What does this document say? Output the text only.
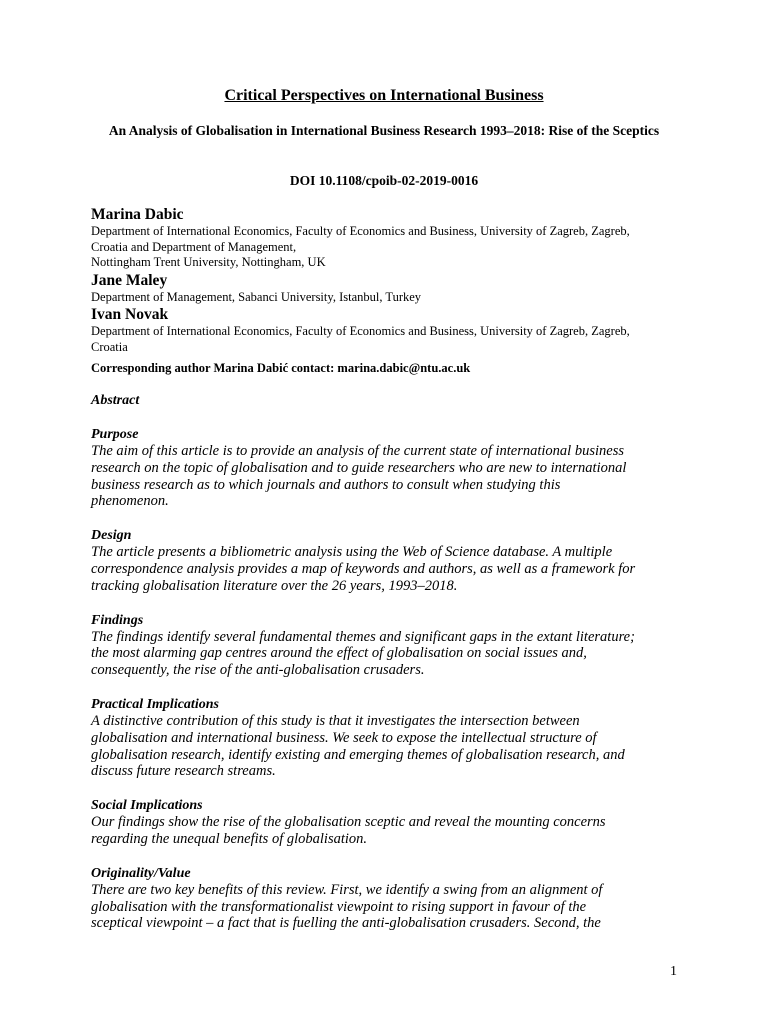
Critical Perspectives on International Business
An Analysis of Globalisation in International Business Research 1993–2018: Rise of the Sceptics
DOI 10.1108/cpoib-02-2019-0016
Marina Dabic
Department of International Economics, Faculty of Economics and Business, University of Zagreb, Zagreb,
Croatia and Department of Management,
Nottingham Trent University, Nottingham, UK
Jane Maley
Department of Management, Sabanci University, Istanbul, Turkey
Ivan Novak
Department of International Economics, Faculty of Economics and Business, University of Zagreb, Zagreb,
Croatia
Corresponding author Marina Dabić contact: marina.dabic@ntu.ac.uk
Abstract
Purpose
The aim of this article is to provide an analysis of the current state of international business
research on the topic of globalisation and to guide researchers who are new to international
business research as to which journals and authors to consult when studying this
phenomenon.
Design
The article presents a bibliometric analysis using the Web of Science database. A multiple
correspondence analysis provides a map of keywords and authors, as well as a framework for
tracking globalisation literature over the 26 years, 1993–2018.
Findings
The findings identify several fundamental themes and significant gaps in the extant literature;
the most alarming gap centres around the effect of globalisation on social issues and,
consequently, the rise of the anti-globalisation crusaders.
Practical Implications
A distinctive contribution of this study is that it investigates the intersection between
globalisation and international business. We seek to expose the intellectual structure of
globalisation research, identify existing and emerging themes of globalisation research, and
discuss future research streams.
Social Implications
Our findings show the rise of the globalisation sceptic and reveal the mounting concerns
regarding the unequal benefits of globalisation.
Originality/Value
There are two key benefits of this review. First, we identify a swing from an alignment of
globalisation with the transformationalist viewpoint to rising support in favour of the
sceptical viewpoint – a fact that is fuelling the anti-globalisation crusaders. Second, the
1
